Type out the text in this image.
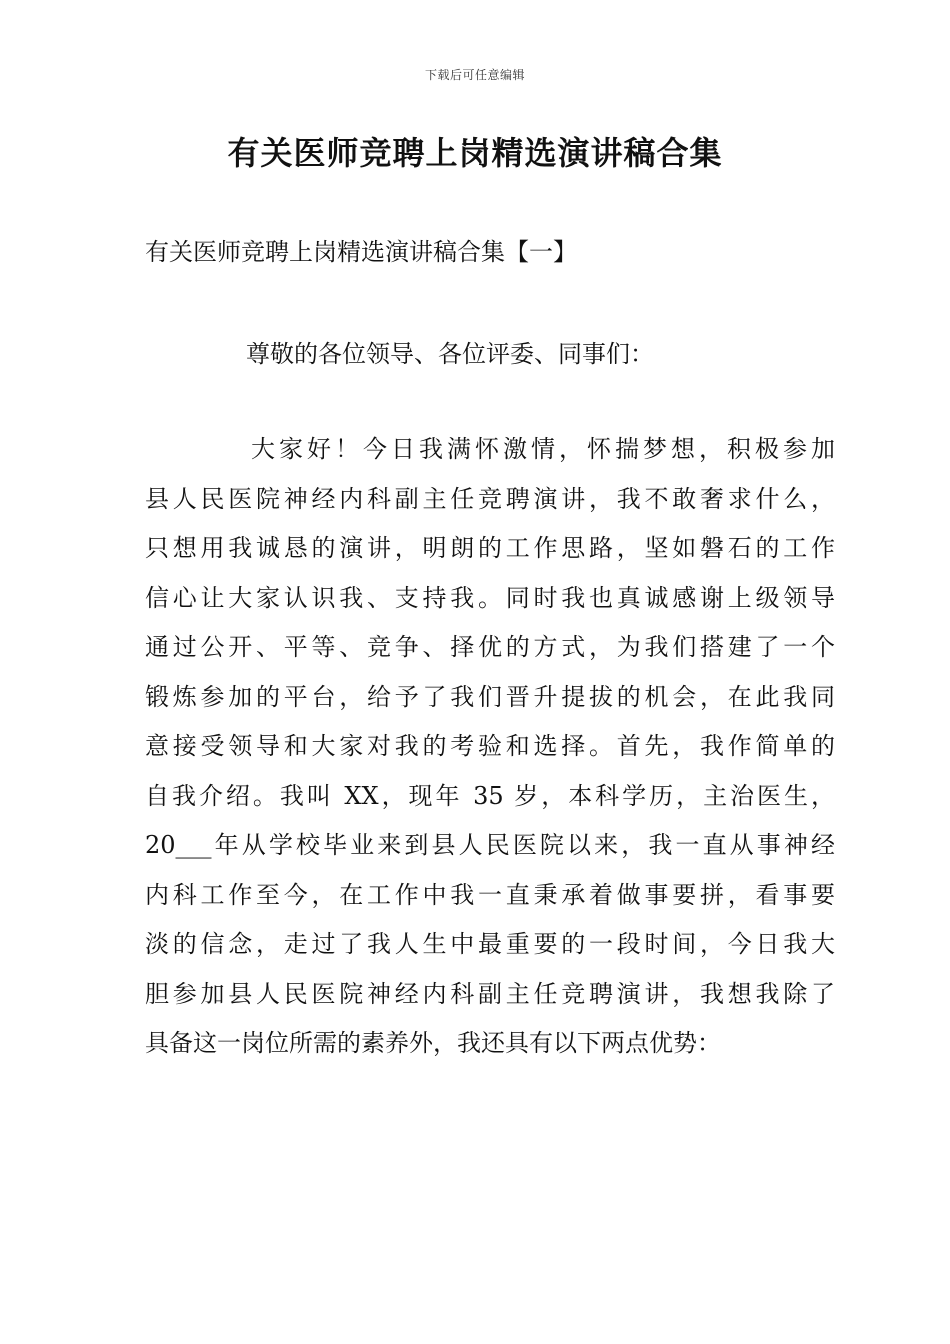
下载后可任意编辑
有关医师竞聘上岗精选演讲稿合集

有关医师竞聘上岗精选演讲稿合集【一】

尊敬的各位领导、各位评委、同事们：

大家好！今日我满怀激情，怀揣梦想，积极参加
县人民医院神经内科副主任竞聘演讲，我不敢奢求什么，
只想用我诚恳的演讲，明朗的工作思路，坚如磐石的工作
信心让大家认识我、支持我。同时我也真诚感谢上级领导
通过公开、平等、竞争、择优的方式，为我们搭建了一个
锻炼参加的平台，给予了我们晋升提拔的机会，在此我同
意接受领导和大家对我的考验和选择。首先，我作简单的
自我介绍。我叫 XX，现年 35 岁，本科学历，主治医生，
20___年从学校毕业来到县人民医院以来，我一直从事神经
内科工作至今，在工作中我一直秉承着做事要拼，看事要
淡的信念，走过了我人生中最重要的一段时间，今日我大
胆参加县人民医院神经内科副主任竞聘演讲，我想我除了
具备这一岗位所需的素养外，我还具有以下两点优势：
